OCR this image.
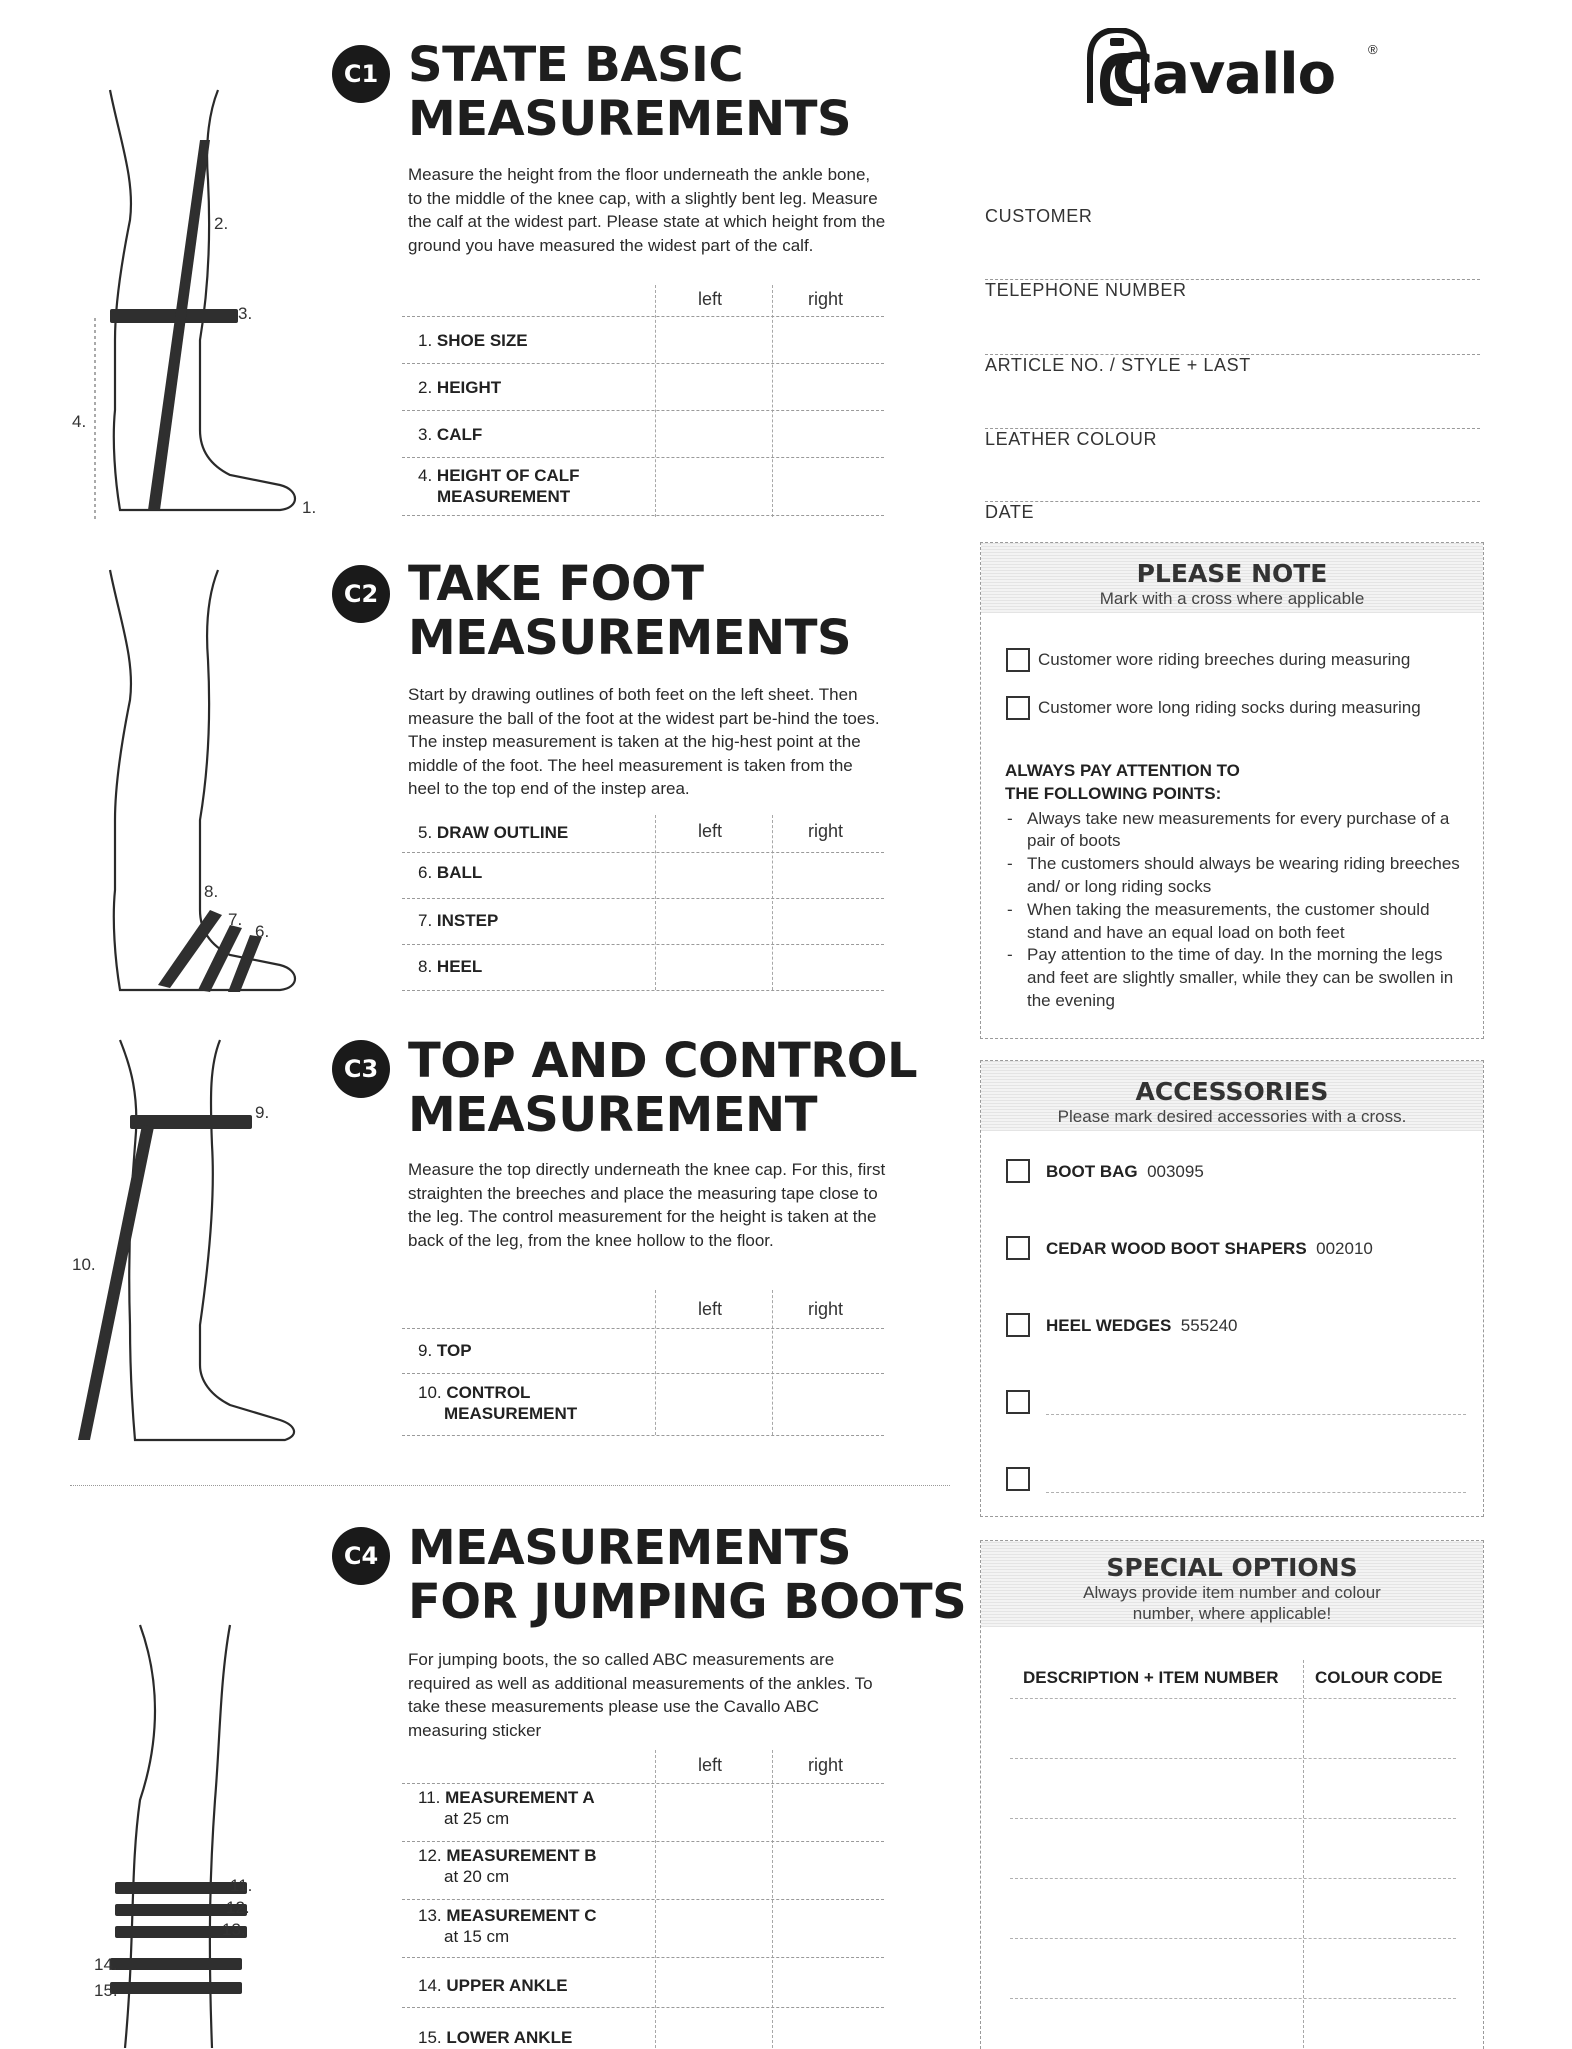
2.
3.
4.
1.
8.
7.
6.
9.
10.
11.
12.
13.
14.
15.
C1 STATE BASIC
MEASUREMENTS
Measure the height from the floor underneath the ankle bone, to the middle of the knee cap, with a slightly bent leg. Measure the calf at the widest part. Please state at which height from the ground you have measured the widest part of the calf.
left	right
1. SHOE SIZE
2. HEIGHT
3. CALF
4. HEIGHT OF CALF
MEASUREMENT
C2 TAKE FOOT
MEASUREMENTS
Start by drawing outlines of both feet on the left sheet. Then measure the ball of the foot at the widest part be-hind the toes. The instep measurement is taken at the hig-hest point at the middle of the foot. The heel measurement is taken from the heel to the top end of the instep area.
left	right
5. DRAW OUTLINE
6. BALL
7. INSTEP
8. HEEL
C3 TOP AND CONTROL
MEASUREMENT
Measure the top directly underneath the knee cap. For this, first straighten the breeches and place the measuring tape close to the leg. The control measurement for the height is taken at the back of the leg, from the knee hollow to the floor.
left	right
9. TOP
10. CONTROL
MEASUREMENT
C4 MEASUREMENTS
FOR JUMPING BOOTS
For jumping boots, the so called ABC measurements are required as well as additional measurements of the ankles. To take these measurements please use the Cavallo ABC measuring sticker
left	right
11. MEASUREMENT A
at 25 cm
12. MEASUREMENT B
at 20 cm
13. MEASUREMENT C
at 15 cm
14. UPPER ANKLE
15. LOWER ANKLE
Cavallo	®
CUSTOMER
TELEPHONE NUMBER
ARTICLE NO. / STYLE + LAST
LEATHER COLOUR
DATE
PLEASE NOTE
Mark with a cross where applicable
Customer wore riding breeches during measuring
Customer wore long riding socks during measuring
ALWAYS PAY ATTENTION TO
THE FOLLOWING POINTS:
- Always take new measurements for every purchase of a pair of boots
- The customers should always be wearing riding breeches and/ or long riding socks
- When taking the measurements, the customer should stand and have an equal load on both feet
- Pay attention to the time of day. In the morning the legs and feet are slightly smaller, while they can be swollen in the evening
ACCESSORIES
Please mark desired accessories with a cross.
BOOT BAG 003095
CEDAR WOOD BOOT SHAPERS 002010
HEEL WEDGES 555240
SPECIAL OPTIONS
Always provide item number and colour
number, where applicable!
DESCRIPTION + ITEM NUMBER COLOUR CODE
